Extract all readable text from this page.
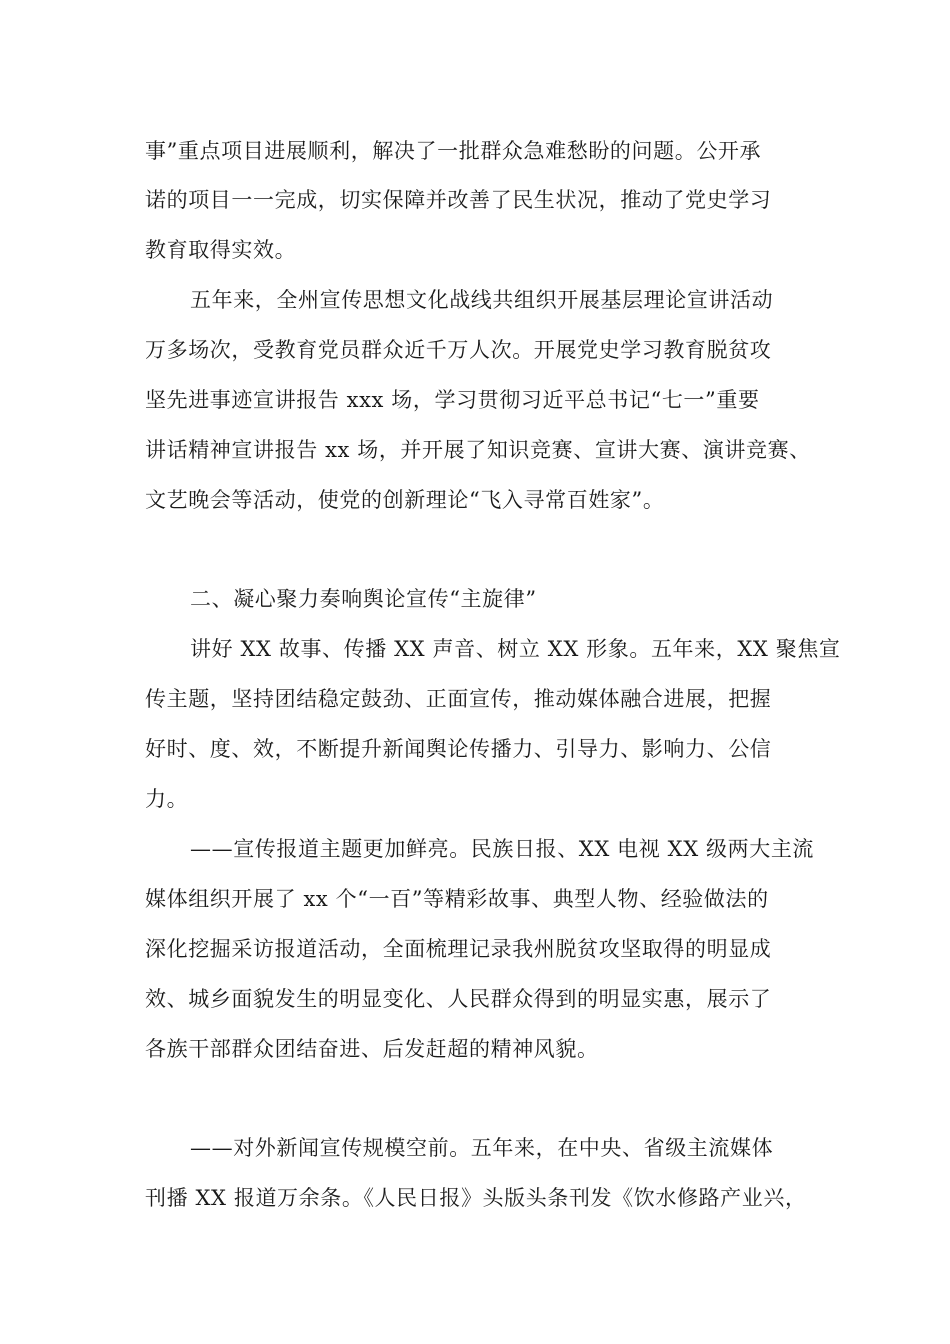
事”重点项目进展顺利，解决了一批群众急难愁盼的问题。公开承
诺的项目一一完成，切实保障并改善了民生状况，推动了党史学习
教育取得实效。
五年来，全州宣传思想文化战线共组织开展基层理论宣讲活动
万多场次，受教育党员群众近千万人次。开展党史学习教育脱贫攻
坚先进事迹宣讲报告 xxx 场，学习贯彻习近平总书记“七一”重要
讲话精神宣讲报告 xx 场，并开展了知识竞赛、宣讲大赛、演讲竞赛、
文艺晚会等活动，使党的创新理论“飞入寻常百姓家”。
二、凝心聚力奏响舆论宣传“主旋律”
讲好 XX 故事、传播 XX 声音、树立 XX 形象。五年来，XX 聚焦宣
传主题，坚持团结稳定鼓劲、正面宣传，推动媒体融合进展，把握
好时、度、效，不断提升新闻舆论传播力、引导力、影响力、公信
力。
——宣传报道主题更加鲜亮。民族日报、XX 电视 XX 级两大主流
媒体组织开展了 xx 个“一百”等精彩故事、典型人物、经验做法的
深化挖掘采访报道活动，全面梳理记录我州脱贫攻坚取得的明显成
效、城乡面貌发生的明显变化、人民群众得到的明显实惠，展示了
各族干部群众团结奋进、后发赶超的精神风貌。
——对外新闻宣传规模空前。五年来，在中央、省级主流媒体
刊播 XX 报道万余条。《人民日报》头版头条刊发《饮水修路产业兴，
